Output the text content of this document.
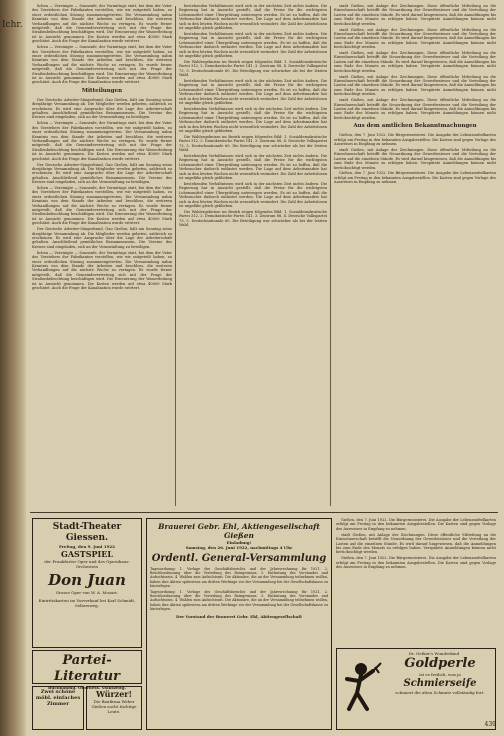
Ichr.

lichen — Vereinigte — Sonnenfe, der Vormittags statt, bei dem der Vater des Vorstehers der Fabrikanten vorstellen, wie wir mitgeteilt haben, zu einer ordentlichen Sitzung zusammengetreten. Die Versammlung nahm Kenntnis von dem Stande der Arbeiten und beschloss, die weiteren Verhandlungen auf die nächste Woche zu vertagen. Es wurde ferner mitgeteilt, daß die Gemeindevertretung sich mit der Frage der Straßenbeleuchtung beschäftigen wird. Die Erneuerung der Wasserleitung ist in Aussicht genommen. Die Kosten werden auf etwa 40000 Mark geschätzt. Auch die Frage der Kanalisation wurde erörtert.

lichen — Vereinigte — Sonnenfe, der Vormittags statt, bei dem der Vater des Vorstehers der Fabrikanten vorstellen, wie wir mitgeteilt haben, zu einer ordentlichen Sitzung zusammengetreten. Die Versammlung nahm Kenntnis von dem Stande der Arbeiten und beschloss, die weiteren Verhandlungen auf die nächste Woche zu vertagen. Es wurde ferner mitgeteilt, daß die Gemeindevertretung sich mit der Frage der Straßenbeleuchtung beschäftigen wird. Die Erneuerung der Wasserleitung ist in Aussicht genommen. Die Kosten werden auf etwa 40000 Mark geschätzt. Auch die Frage der Kanalisation wurde erörtert.

Mitteilungen

Der Deutsche Arbeiter-Sängerbund, Gau Gießen, hält am Sonntag seine diesjährige Versammlung ab. Die Mitglieder werden gebeten, zahlreich zu erscheinen. Es wird eine Ansprache über die Lage der Arbeiterschaft gehalten. Anschließend gemütliches Beisammensein. Die Vereine des Kreises sind eingeladen, sich an der Veranstaltung zu beteiligen.

lichen — Vereinigte — Sonnenfe, der Vormittags statt, bei dem der Vater des Vorstehers der Fabrikanten vorstellen, wie wir mitgeteilt haben, zu einer ordentlichen Sitzung zusammengetreten. Die Versammlung nahm Kenntnis von dem Stande der Arbeiten und beschloss, die weiteren Verhandlungen auf die nächste Woche zu vertagen. Es wurde ferner mitgeteilt, daß die Gemeindevertretung sich mit der Frage der Straßenbeleuchtung beschäftigen wird. Die Erneuerung der Wasserleitung ist in Aussicht genommen. Die Kosten werden auf etwa 40000 Mark geschätzt. Auch die Frage der Kanalisation wurde erörtert.

Der Deutsche Arbeiter-Sängerbund, Gau Gießen, hält am Sonntag seine diesjährige Versammlung ab. Die Mitglieder werden gebeten, zahlreich zu erscheinen. Es wird eine Ansprache über die Lage der Arbeiterschaft gehalten. Anschließend gemütliches Beisammensein. Die Vereine des Kreises sind eingeladen, sich an der Veranstaltung zu beteiligen.

lichen — Vereinigte — Sonnenfe, der Vormittags statt, bei dem der Vater des Vorstehers der Fabrikanten vorstellen, wie wir mitgeteilt haben, zu einer ordentlichen Sitzung zusammengetreten. Die Versammlung nahm Kenntnis von dem Stande der Arbeiten und beschloss, die weiteren Verhandlungen auf die nächste Woche zu vertagen. Es wurde ferner mitgeteilt, daß die Gemeindevertretung sich mit der Frage der Straßenbeleuchtung beschäftigen wird. Die Erneuerung der Wasserleitung ist in Aussicht genommen. Die Kosten werden auf etwa 40000 Mark geschätzt. Auch die Frage der Kanalisation wurde erörtert.

Der Deutsche Arbeiter-Sängerbund, Gau Gießen, hält am Sonntag seine diesjährige Versammlung ab. Die Mitglieder werden gebeten, zahlreich zu erscheinen. Es wird eine Ansprache über die Lage der Arbeiterschaft gehalten. Anschließend gemütliches Beisammensein. Die Vereine des Kreises sind eingeladen, sich an der Veranstaltung zu beteiligen.

lichen — Vereinigte — Sonnenfe, der Vormittags statt, bei dem der Vater des Vorstehers der Fabrikanten vorstellen, wie wir mitgeteilt haben, zu einer ordentlichen Sitzung zusammengetreten. Die Versammlung nahm Kenntnis von dem Stande der Arbeiten und beschloss, die weiteren Verhandlungen auf die nächste Woche zu vertagen. Es wurde ferner mitgeteilt, daß die Gemeindevertretung sich mit der Frage der Straßenbeleuchtung beschäftigen wird. Die Erneuerung der Wasserleitung ist in Aussicht genommen. Die Kosten werden auf etwa 40000 Mark geschätzt. Auch die Frage der Kanalisation wurde erörtert.

bestehenden Verhältnissen wird sich in der nächsten Zeit nichts ändern. Die Regierung hat in Aussicht gestellt, daß die Preise für die wichtigsten Lebensmittel einer Überprüfung unterzogen werden. Es ist zu hoffen, daß die Verbraucher dadurch entlastet werden. Die Lage auf dem Arbeitsmarkte hat sich in den letzten Wochen nicht wesentlich verändert. Die Zahl der Arbeitslosen ist ungefähr gleich geblieben.

bestehenden Verhältnissen wird sich in der nächsten Zeit nichts ändern. Die Regierung hat in Aussicht gestellt, daß die Preise für die wichtigsten Lebensmittel einer Überprüfung unterzogen werden. Es ist zu hoffen, daß die Verbraucher dadurch entlastet werden. Die Lage auf dem Arbeitsmarkte hat sich in den letzten Wochen nicht wesentlich verändert. Die Zahl der Arbeitslosen ist ungefähr gleich geblieben.

Die Wahlergebnisse im Bezirk zeigen folgendes Bild: 1. Sozialdemokratische Partei 312, 2. Demokratische Partei 141, 3. Zentrum 88, 4. Deutsche Volkspartei 73, 5. Deutschnationale 60. Die Beteiligung war schwächer als bei der letzten Wahl.

bestehenden Verhältnissen wird sich in der nächsten Zeit nichts ändern. Die Regierung hat in Aussicht gestellt, daß die Preise für die wichtigsten Lebensmittel einer Überprüfung unterzogen werden. Es ist zu hoffen, daß die Verbraucher dadurch entlastet werden. Die Lage auf dem Arbeitsmarkte hat sich in den letzten Wochen nicht wesentlich verändert. Die Zahl der Arbeitslosen ist ungefähr gleich geblieben.

bestehenden Verhältnissen wird sich in der nächsten Zeit nichts ändern. Die Regierung hat in Aussicht gestellt, daß die Preise für die wichtigsten Lebensmittel einer Überprüfung unterzogen werden. Es ist zu hoffen, daß die Verbraucher dadurch entlastet werden. Die Lage auf dem Arbeitsmarkte hat sich in den letzten Wochen nicht wesentlich verändert. Die Zahl der Arbeitslosen ist ungefähr gleich geblieben.

Die Wahlergebnisse im Bezirk zeigen folgendes Bild: 1. Sozialdemokratische Partei 312, 2. Demokratische Partei 141, 3. Zentrum 88, 4. Deutsche Volkspartei 73, 5. Deutschnationale 60. Die Beteiligung war schwächer als bei der letzten Wahl.

bestehenden Verhältnissen wird sich in der nächsten Zeit nichts ändern. Die Regierung hat in Aussicht gestellt, daß die Preise für die wichtigsten Lebensmittel einer Überprüfung unterzogen werden. Es ist zu hoffen, daß die Verbraucher dadurch entlastet werden. Die Lage auf dem Arbeitsmarkte hat sich in den letzten Wochen nicht wesentlich verändert. Die Zahl der Arbeitslosen ist ungefähr gleich geblieben.

bestehenden Verhältnissen wird sich in der nächsten Zeit nichts ändern. Die Regierung hat in Aussicht gestellt, daß die Preise für die wichtigsten Lebensmittel einer Überprüfung unterzogen werden. Es ist zu hoffen, daß die Verbraucher dadurch entlastet werden. Die Lage auf dem Arbeitsmarkte hat sich in den letzten Wochen nicht wesentlich verändert. Die Zahl der Arbeitslosen ist ungefähr gleich geblieben.

Die Wahlergebnisse im Bezirk zeigen folgendes Bild: 1. Sozialdemokratische Partei 312, 2. Demokratische Partei 141, 3. Zentrum 88, 4. Deutsche Volkspartei 73, 5. Deutschnationale 60. Die Beteiligung war schwächer als bei der letzten Wahl.

stadt Gießen, mit Anlage der Zeichnungen. Diese öffentliche Mitteilung an die Einwohnerschaft betrifft die Neuordnung der Gewerbesteuer und die Verteilung der Lasten auf die einzelnen Stände. Es wird darauf hingewiesen, daß die Anmeldungen bis zum Ende des Monats zu erfolgen haben. Verspätete Anmeldungen können nicht berücksichtigt werden.

stadt Gießen, mit Anlage der Zeichnungen. Diese öffentliche Mitteilung an die Einwohnerschaft betrifft die Neuordnung der Gewerbesteuer und die Verteilung der Lasten auf die einzelnen Stände. Es wird darauf hingewiesen, daß die Anmeldungen bis zum Ende des Monats zu erfolgen haben. Verspätete Anmeldungen können nicht berücksichtigt werden.

stadt Gießen, mit Anlage der Zeichnungen. Diese öffentliche Mitteilung an die Einwohnerschaft betrifft die Neuordnung der Gewerbesteuer und die Verteilung der Lasten auf die einzelnen Stände. Es wird darauf hingewiesen, daß die Anmeldungen bis zum Ende des Monats zu erfolgen haben. Verspätete Anmeldungen können nicht berücksichtigt werden.

stadt Gießen, mit Anlage der Zeichnungen. Diese öffentliche Mitteilung an die Einwohnerschaft betrifft die Neuordnung der Gewerbesteuer und die Verteilung der Lasten auf die einzelnen Stände. Es wird darauf hingewiesen, daß die Anmeldungen bis zum Ende des Monats zu erfolgen haben. Verspätete Anmeldungen können nicht berücksichtigt werden.

stadt Gießen, mit Anlage der Zeichnungen. Diese öffentliche Mitteilung an die Einwohnerschaft betrifft die Neuordnung der Gewerbesteuer und die Verteilung der Lasten auf die einzelnen Stände. Es wird darauf hingewiesen, daß die Anmeldungen bis zum Ende des Monats zu erfolgen haben. Verspätete Anmeldungen können nicht berücksichtigt werden.

Aus dem amtlichen Bekanntmachungen

Gießen, den 7. Juni 1922. Die Bürgermeisterei. Die Ausgabe der Lebensmittelkarten erfolgt am Freitag in den bekannten Ausgabestellen. Die Karten sind gegen Vorlage des Ausweises in Empfang zu nehmen.

stadt Gießen, mit Anlage der Zeichnungen. Diese öffentliche Mitteilung an die Einwohnerschaft betrifft die Neuordnung der Gewerbesteuer und die Verteilung der Lasten auf die einzelnen Stände. Es wird darauf hingewiesen, daß die Anmeldungen bis zum Ende des Monats zu erfolgen haben. Verspätete Anmeldungen können nicht berücksichtigt werden.

Gießen, den 7. Juni 1922. Die Bürgermeisterei. Die Ausgabe der Lebensmittelkarten erfolgt am Freitag in den bekannten Ausgabestellen. Die Karten sind gegen Vorlage des Ausweises in Empfang zu nehmen.

Stadt-Theater Giessen.
Freitag, den 9. Juni 1922
GASTSPIEL
der Frankfurter Oper und des Opernhaus-Orchesters
Don Juan
Grosse Oper von W. A. Mozart.
Eintrittskarten im Vorverkauf bei Karl Schmidt, Seltersweg.
Partei-Literatur
Buchhandlg. Oberhess. Volkszeitg.
Zwei schöne möbl. einfaches Zimmer
Würzer!
Die Baufirma Weber Gießen sucht tüchtige Leute.
Brauerei Gebr. Ehl, Aktiengesellschaft Gießen
Einladung!
Samstag, den 26. Juni 1922, nachmittags 4 Uhr
Ordentl. General-Versammlung
Tagesordnung: 1. Vorlage des Geschäftsberichts und der Jahresrechnung für 1921. 2. Beschlussfassung über die Verteilung des Reingewinns. 3. Entlastung des Vorstandes und Aufsichtsrats. 4. Wahlen zum Aufsichtsrat. Die Aktionäre, die an der Versammlung teilnehmen wollen, haben ihre Aktien spätestens am dritten Werktage vor der Versammlung bei der Gesellschaftskasse zu hinterlegen.
Tagesordnung: 1. Vorlage des Geschäftsberichts und der Jahresrechnung für 1921. 2. Beschlussfassung über die Verteilung des Reingewinns. 3. Entlastung des Vorstandes und Aufsichtsrats. 4. Wahlen zum Aufsichtsrat. Die Aktionäre, die an der Versammlung teilnehmen wollen, haben ihre Aktien spätestens am dritten Werktage vor der Versammlung bei der Gesellschaftskasse zu hinterlegen.
Der Vorstand der Brauerei Gebr. Ehl, Aktiengesellschaft

Gießen, den 7. Juni 1922. Die Bürgermeisterei. Die Ausgabe der Lebensmittelkarten erfolgt am Freitag in den bekannten Ausgabestellen. Die Karten sind gegen Vorlage des Ausweises in Empfang zu nehmen.

stadt Gießen, mit Anlage der Zeichnungen. Diese öffentliche Mitteilung an die Einwohnerschaft betrifft die Neuordnung der Gewerbesteuer und die Verteilung der Lasten auf die einzelnen Stände. Es wird darauf hingewiesen, daß die Anmeldungen bis zum Ende des Monats zu erfolgen haben. Verspätete Anmeldungen können nicht berücksichtigt werden.

Gießen, den 7. Juni 1922. Die Bürgermeisterei. Die Ausgabe der Lebensmittelkarten erfolgt am Freitag in den bekannten Ausgabestellen. Die Karten sind gegen Vorlage des Ausweises in Empfang zu nehmen.

Dr. Oetker's Wunderkind
Goldperle
ist es freilich, was ja
Schmierseife
schmiert die alten Schmutz vollständig fort.
439
